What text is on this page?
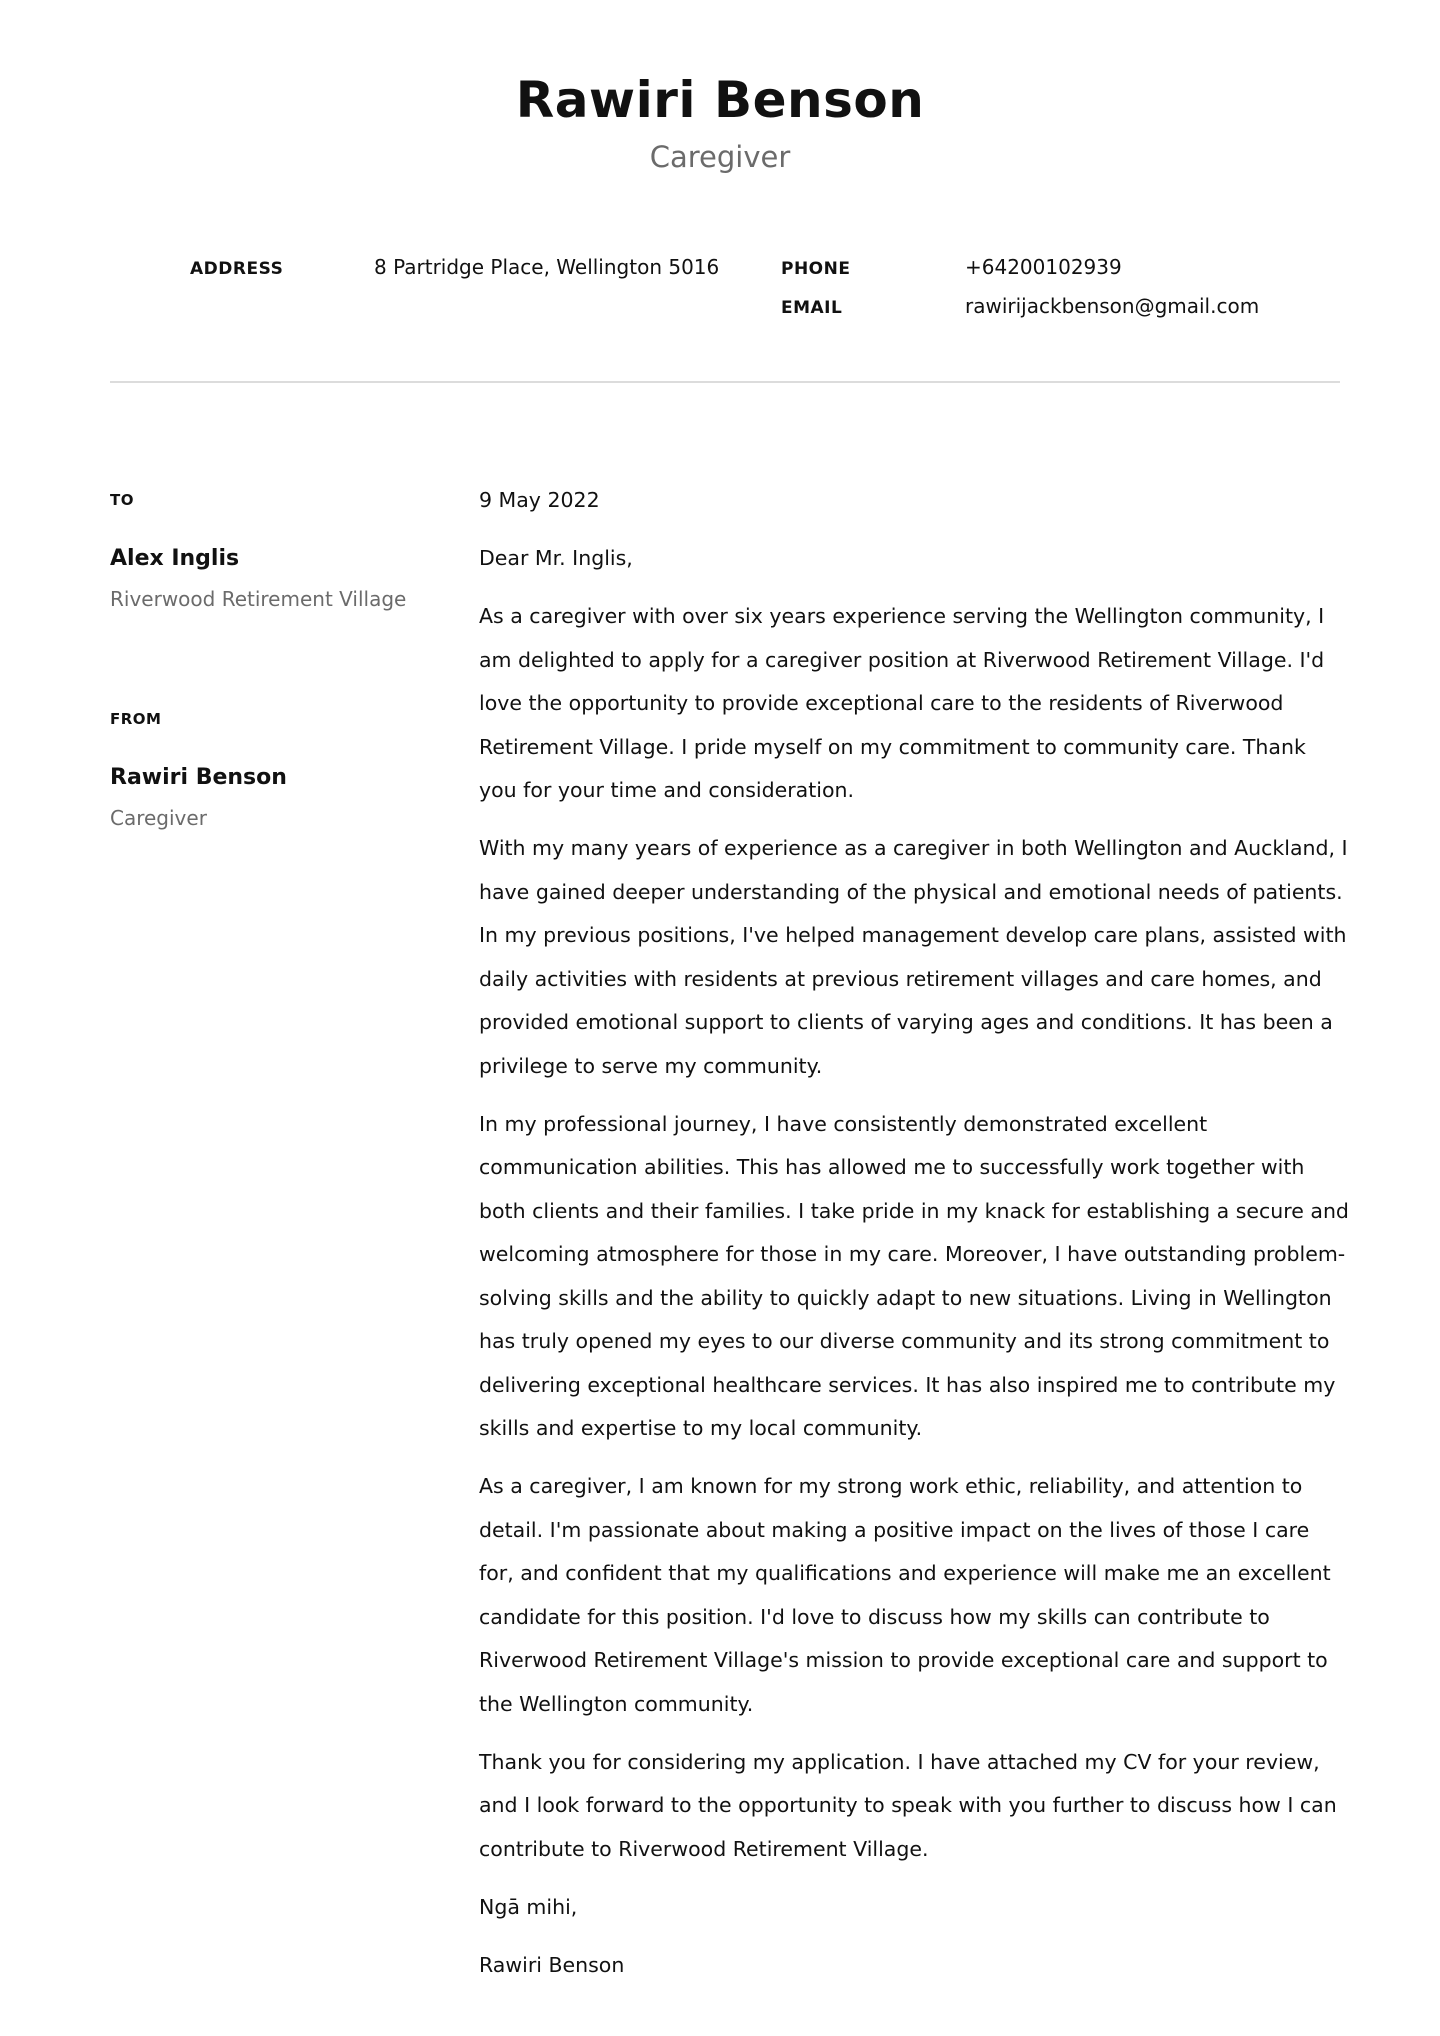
Rawiri Benson
Caregiver
ADDRESS	8 Partridge Place, Wellington 5016	PHONE	+64200102939
EMAIL	rawirijackbenson@gmail.com
TO
Alex Inglis
Riverwood Retirement Village
FROM
Rawiri Benson
Caregiver

9 May 2022

Dear Mr. Inglis,

As a caregiver with over six years experience serving the Wellington community, I am delighted to apply for a caregiver position at Riverwood Retirement Village. I'd love the opportunity to provide exceptional care to the residents of Riverwood Retirement Village. I pride myself on my commitment to community care. Thank you for your time and consideration.

With my many years of experience as a caregiver in both Wellington and Auckland, I have gained deeper understanding of the physical and emotional needs of patients. In my previous positions, I've helped management develop care plans, assisted with daily activities with residents at previous retirement villages and care homes, and provided emotional support to clients of varying ages and conditions. It has been a privilege to serve my community.

In my professional journey, I have consistently demonstrated excellent communication abilities. This has allowed me to successfully work together with both clients and their families. I take pride in my knack for establishing a secure and welcoming atmosphere for those in my care. Moreover, I have outstanding problem-solving skills and the ability to quickly adapt to new situations. Living in Wellington has truly opened my eyes to our diverse community and its strong commitment to delivering exceptional healthcare services. It has also inspired me to contribute my skills and expertise to my local community.

As a caregiver, I am known for my strong work ethic, reliability, and attention to detail. I'm passionate about making a positive impact on the lives of those I care for, and confident that my qualifications and experience will make me an excellent candidate for this position. I'd love to discuss how my skills can contribute to Riverwood Retirement Village's mission to provide exceptional care and support to the Wellington community.

Thank you for considering my application. I have attached my CV for your review, and I look forward to the opportunity to speak with you further to discuss how I can contribute to Riverwood Retirement Village.

Ngā mihi,

Rawiri Benson
